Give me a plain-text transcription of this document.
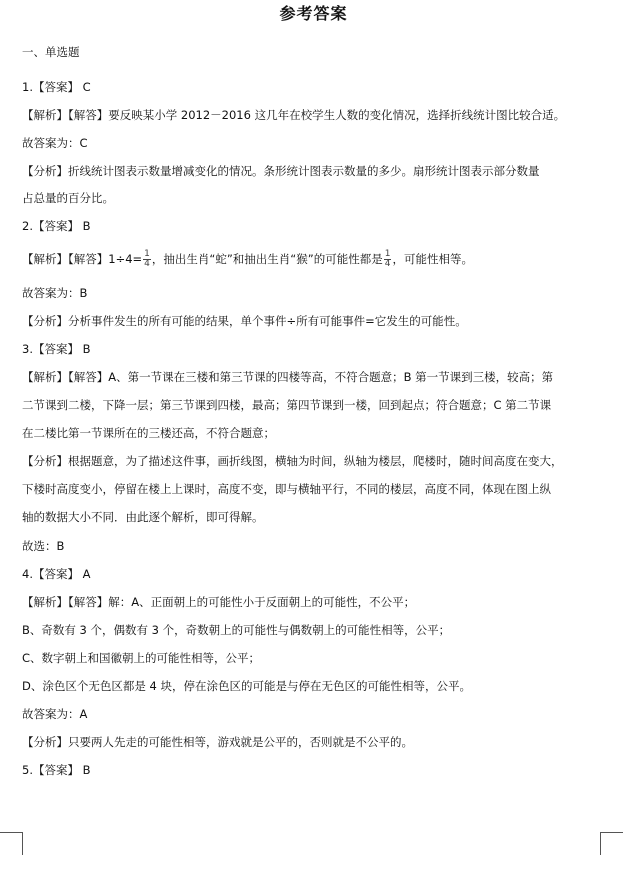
参考答案
一、单选题
1.【答案】 C
【解析】【解答】要反映某小学 2012－2016 这几年在校学生人数的变化情况，选择折线统计图比较合适。
故答案为：C
【分析】折线统计图表示数量增减变化的情况。条形统计图表示数量的多少。扇形统计图表示部分数量
占总量的百分比。
2.【答案】 B
【解析】【解答】$1\div 4= \frac{1}{4}$ ，抽出生肖“蛇”和抽出生肖“猴”的可能性都是 $\frac{1}{4}$ ，可能性相等。
故答案为：B
【分析】分析事件发生的所有可能的结果，单个事件÷所有可能事件=它发生的可能性。
3.【答案】 B
【解析】【解答】A、第一节课在三楼和第三节课的四楼等高，不符合题意；B 第一节课到三楼，较高；第
二节课到二楼，下降一层；第三节课到四楼，最高；第四节课到一楼，回到起点；符合题意；C 第二节课
在二楼比第一节课所在的三楼还高，不符合题意；
【分析】根据题意，为了描述这件事，画折线图，横轴为时间，纵轴为楼层，爬楼时，随时间高度在变大，
下楼时高度变小，停留在楼上上课时，高度不变，即与横轴平行，不同的楼层，高度不同，体现在图上纵
轴的数据大小不同．由此逐个解析，即可得解。
故选：B
4.【答案】 A
【解析】【解答】解：A、正面朝上的可能性小于反面朝上的可能性，不公平；
B、奇数有 3 个，偶数有 3 个，奇数朝上的可能性与偶数朝上的可能性相等，公平；
C、数字朝上和国徽朝上的可能性相等，公平；
D、涂色区个无色区都是 4 块，停在涂色区的可能是与停在无色区的可能性相等，公平。
故答案为：A
【分析】只要两人先走的可能性相等，游戏就是公平的，否则就是不公平的。
5.【答案】 B
